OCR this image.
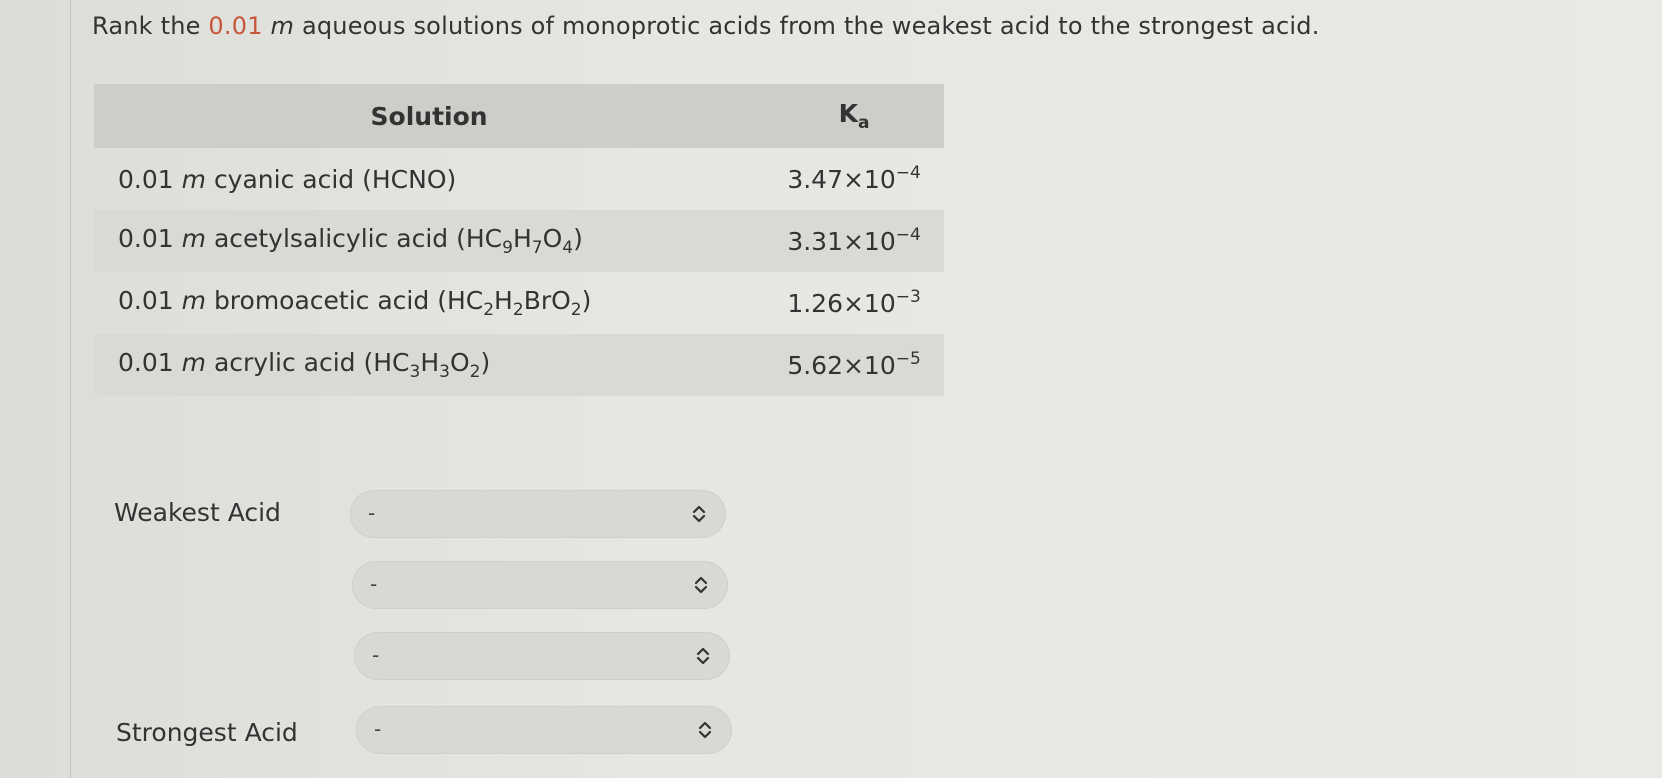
Rank the 0.01 m aqueous solutions of monoprotic acids from the weakest acid to the strongest acid.
Solution	$K_a$
0.01 m cyanic acid (HCNO)	$3.47\times 10^{-4}$
0.01 m acetylsalicylic acid $(HC_9H_7O_4)$	$3.31\times 10^{-4}$
0.01 m bromoacetic acid $(HC_2H_2BrO_2)$	$1.26\times 10^{-3}$
0.01 m acrylic acid $(HC_3H_3O_2)$	$5.62\times 10^{-5}$
Weakest Acid	-
-
-
Strongest Acid	-
